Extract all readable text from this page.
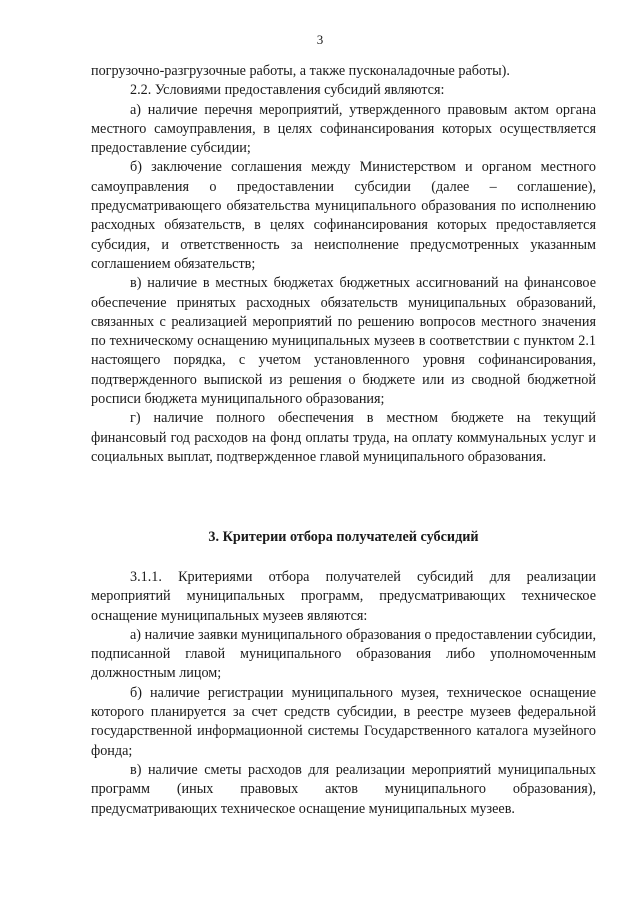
3

погрузочно-разгрузочные работы, а также пусконаладочные работы).

2.2. Условиями предоставления субсидий являются:

а) наличие перечня мероприятий, утвержденного правовым актом органа местного самоуправления, в целях софинансирования которых осуществляется предоставление субсидии;

б) заключение соглашения между Министерством и органом местного самоуправления о предоставлении субсидии (далее – соглашение), предусматривающего обязательства муниципального образования по исполнению расходных обязательств, в целях софинансирования которых предоставляется субсидия, и ответственность за неисполнение предусмотренных указанным соглашением обязательств;

в) наличие в местных бюджетах бюджетных ассигнований на финансовое обеспечение принятых расходных обязательств муниципальных образований, связанных с реализацией мероприятий по решению вопросов местного значения по техническому оснащению муниципальных музеев в соответствии с пунктом 2.1 настоящего порядка, с учетом установленного уровня софинансирования, подтвержденного выпиской из решения о бюджете или из сводной бюджетной росписи бюджета муниципального образования;

г) наличие полного обеспечения в местном бюджете на текущий финансовый год расходов на фонд оплаты труда, на оплату коммунальных услуг и социальных выплат, подтвержденное главой муниципального образования.

3. Критерии отбора получателей субсидий

3.1.1. Критериями отбора получателей субсидий для реализации мероприятий муниципальных программ, предусматривающих техническое оснащение муниципальных музеев являются:

а) наличие заявки муниципального образования о предоставлении субсидии, подписанной главой муниципального образования либо уполномоченным должностным лицом;

б) наличие регистрации муниципального музея, техническое оснащение которого планируется за счет средств субсидии, в реестре музеев федеральной государственной информационной системы Государственного каталога музейного фонда;

в) наличие сметы расходов для реализации мероприятий муниципальных программ (иных правовых актов муниципального образования), предусматривающих техническое оснащение муниципальных музеев.
